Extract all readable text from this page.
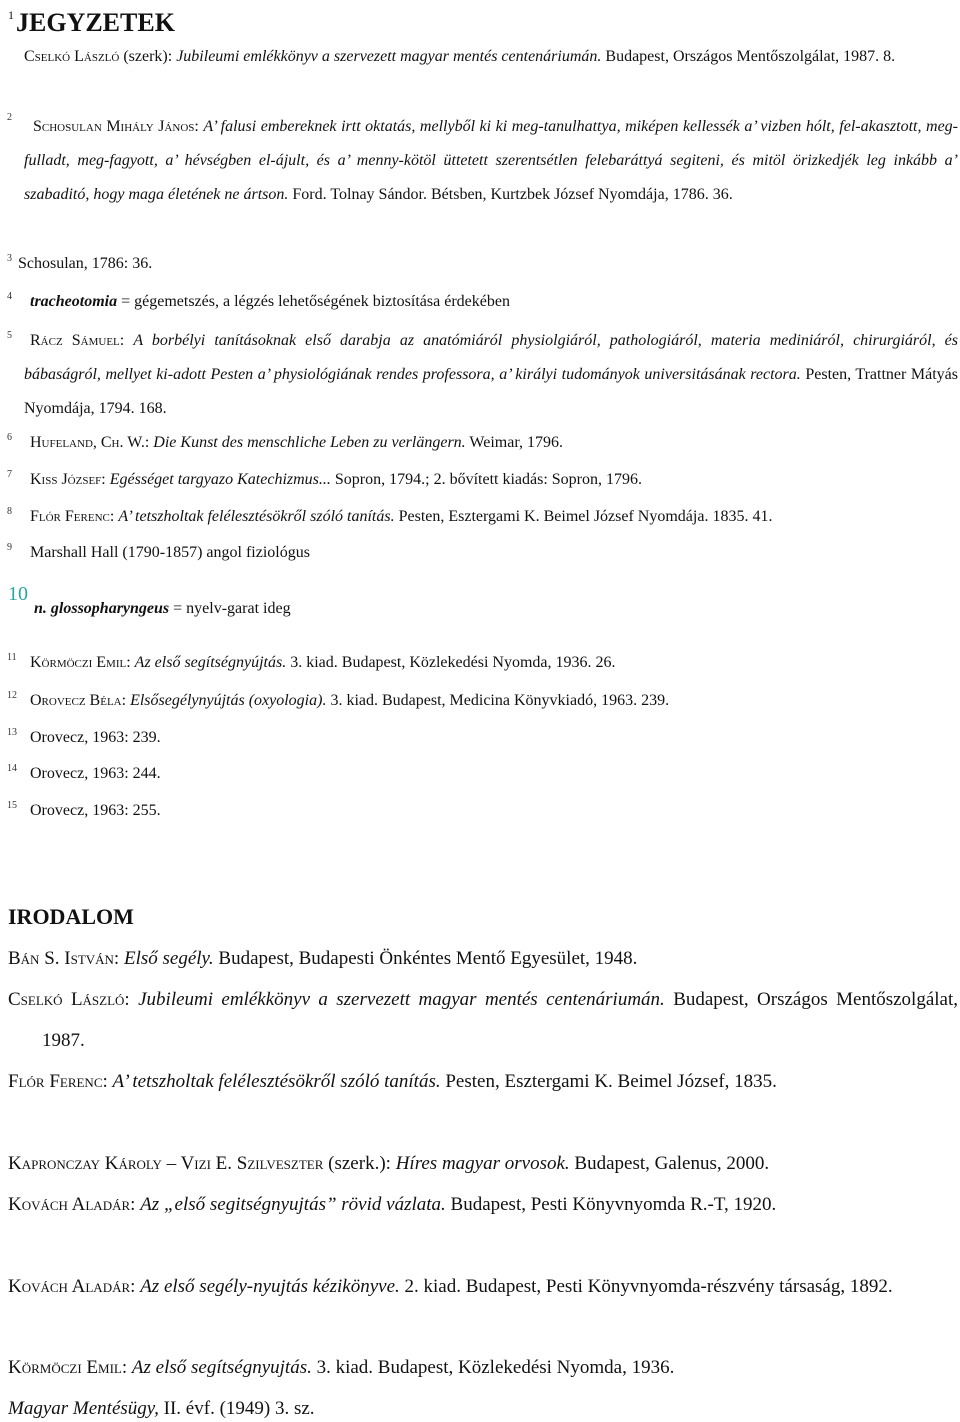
$^1$JEGYZETEK
Cselkó László (szerk): Jubileumi emlékkönyv a szervezett magyar mentés centenáriumán. Budapest, Országos Mentőszolgálat, 1987. 8.
2
Schosulan Mihály János: A’ falusi embereknek irtt oktatás, mellyből ki ki meg-tanulhattya, miképen kellessék a’ vizben hólt, fel-akasztott, meg-fulladt, meg-fagyott, a’ hévségben el-ájult, és a’ menny-kötöl üttetett szerentsétlen felebaráttyá segiteni, és mitöl örizkedjék leg inkább a’ szabaditó, hogy maga életének ne ártson. Ford. Tolnay Sándor. Bétsben, Kurtzbek József Nyomdája, 1786. 36.
3 Schosulan, 1786: 36.
4 tracheotomia = gégemetszés, a légzés lehetőségének biztosítása érdekében
5 Rácz Sámuel: A borbélyi tanításoknak első darabja az anatómiáról physiolgiáról, pathologiáról, materia mediniáról, chirurgiáról, és bábaságról, mellyet ki-adott Pesten a’ physiológiának rendes professora, a’ királyi tudományok universitásának rectora. Pesten, Trattner Mátyás Nyomdája, 1794. 168.
6 Hufeland, Ch. W.: Die Kunst des menschliche Leben zu verlängern. Weimar, 1796.
7 Kiss József: Egésséget targyazo Katechizmus... Sopron, 1794.; 2. bővített kiadás: Sopron, 1796.
8 Flór Ferenc: A’ tetszholtak felélesztésökről szóló tanítás. Pesten, Esztergami K. Beimel József Nyomdája. 1835. 41.
9 Marshall Hall (1790-1857) angol fiziológus
10
n. glossopharyngeus = nyelv-garat ideg
11 Körmöczi Emil: Az első segítségnyújtás. 3. kiad. Budapest, Közlekedési Nyomda, 1936. 26.
12 Orovecz Béla: Elsősegélynyújtás (oxyologia). 3. kiad. Budapest, Medicina Könyvkiadó, 1963. 239.
13 Orovecz, 1963: 239.
14 Orovecz, 1963: 244.
15 Orovecz, 1963: 255.
IRODALOM
Bán S. István: Első segély. Budapest, Budapesti Önkéntes Mentő Egyesület, 1948.
Cselkó László: Jubileumi emlékkönyv a szervezett magyar mentés centenáriumán. Budapest, Országos Mentőszolgálat, 1987.
Flór Ferenc: A’ tetszholtak felélesztésökről szóló tanítás. Pesten, Esztergami K. Beimel József, 1835.
Kapronczay Károly – Vizi E. Szilveszter (szerk.): Híres magyar orvosok. Budapest, Galenus, 2000.
Kovách Aladár: Az „első segitségnyujtás” rövid vázlata. Budapest, Pesti Könyvnyomda R.-T, 1920.
Kovách Aladár: Az első segély-nyujtás kézikönyve. 2. kiad. Budapest, Pesti Könyvnyomda-részvény társaság, 1892.
Körmöczi Emil: Az első segítségnyujtás. 3. kiad. Budapest, Közlekedési Nyomda, 1936.
Magyar Mentésügy, II. évf. (1949) 3. sz.
